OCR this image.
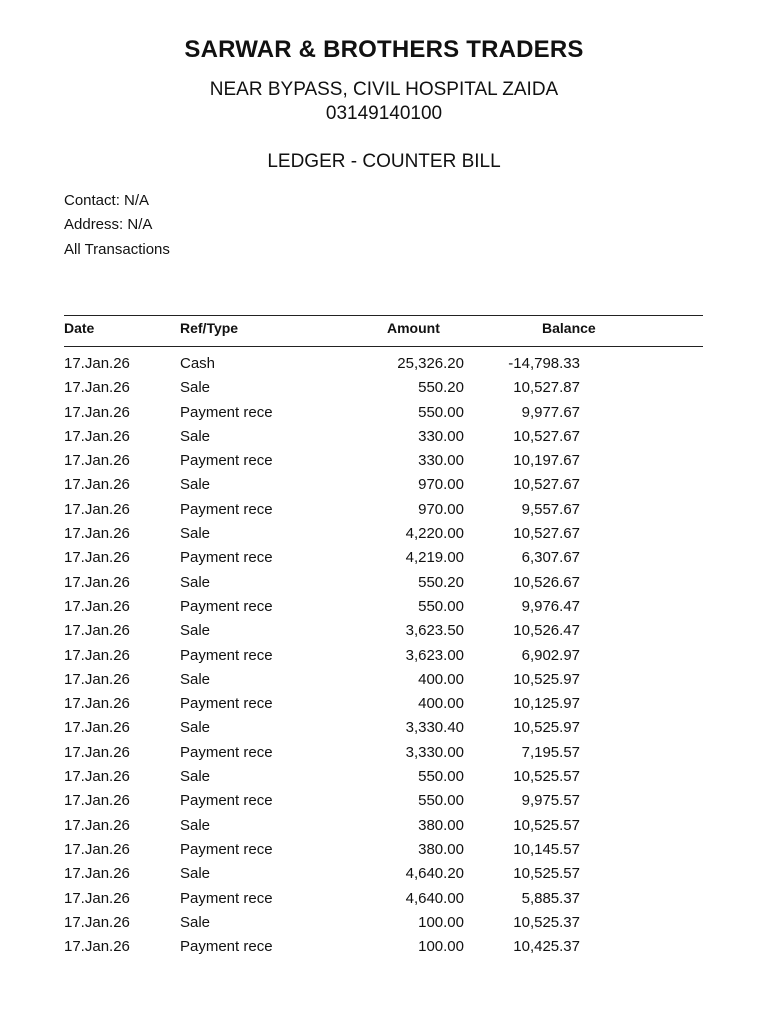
SARWAR & BROTHERS TRADERS
NEAR BYPASS, CIVIL HOSPITAL ZAIDA
03149140100
LEDGER - COUNTER BILL
Contact: N/A
Address: N/A
All Transactions
Date	Ref/Type	Amount	Balance
17.Jan.26	Cash	25,326.20	-14,798.33
17.Jan.26	Sale	550.20	10,527.87
17.Jan.26	Payment rece	550.00	9,977.67
17.Jan.26	Sale	330.00	10,527.67
17.Jan.26	Payment rece	330.00	10,197.67
17.Jan.26	Sale	970.00	10,527.67
17.Jan.26	Payment rece	970.00	9,557.67
17.Jan.26	Sale	4,220.00	10,527.67
17.Jan.26	Payment rece	4,219.00	6,307.67
17.Jan.26	Sale	550.20	10,526.67
17.Jan.26	Payment rece	550.00	9,976.47
17.Jan.26	Sale	3,623.50	10,526.47
17.Jan.26	Payment rece	3,623.00	6,902.97
17.Jan.26	Sale	400.00	10,525.97
17.Jan.26	Payment rece	400.00	10,125.97
17.Jan.26	Sale	3,330.40	10,525.97
17.Jan.26	Payment rece	3,330.00	7,195.57
17.Jan.26	Sale	550.00	10,525.57
17.Jan.26	Payment rece	550.00	9,975.57
17.Jan.26	Sale	380.00	10,525.57
17.Jan.26	Payment rece	380.00	10,145.57
17.Jan.26	Sale	4,640.20	10,525.57
17.Jan.26	Payment rece	4,640.00	5,885.37
17.Jan.26	Sale	100.00	10,525.37
17.Jan.26	Payment rece	100.00	10,425.37
